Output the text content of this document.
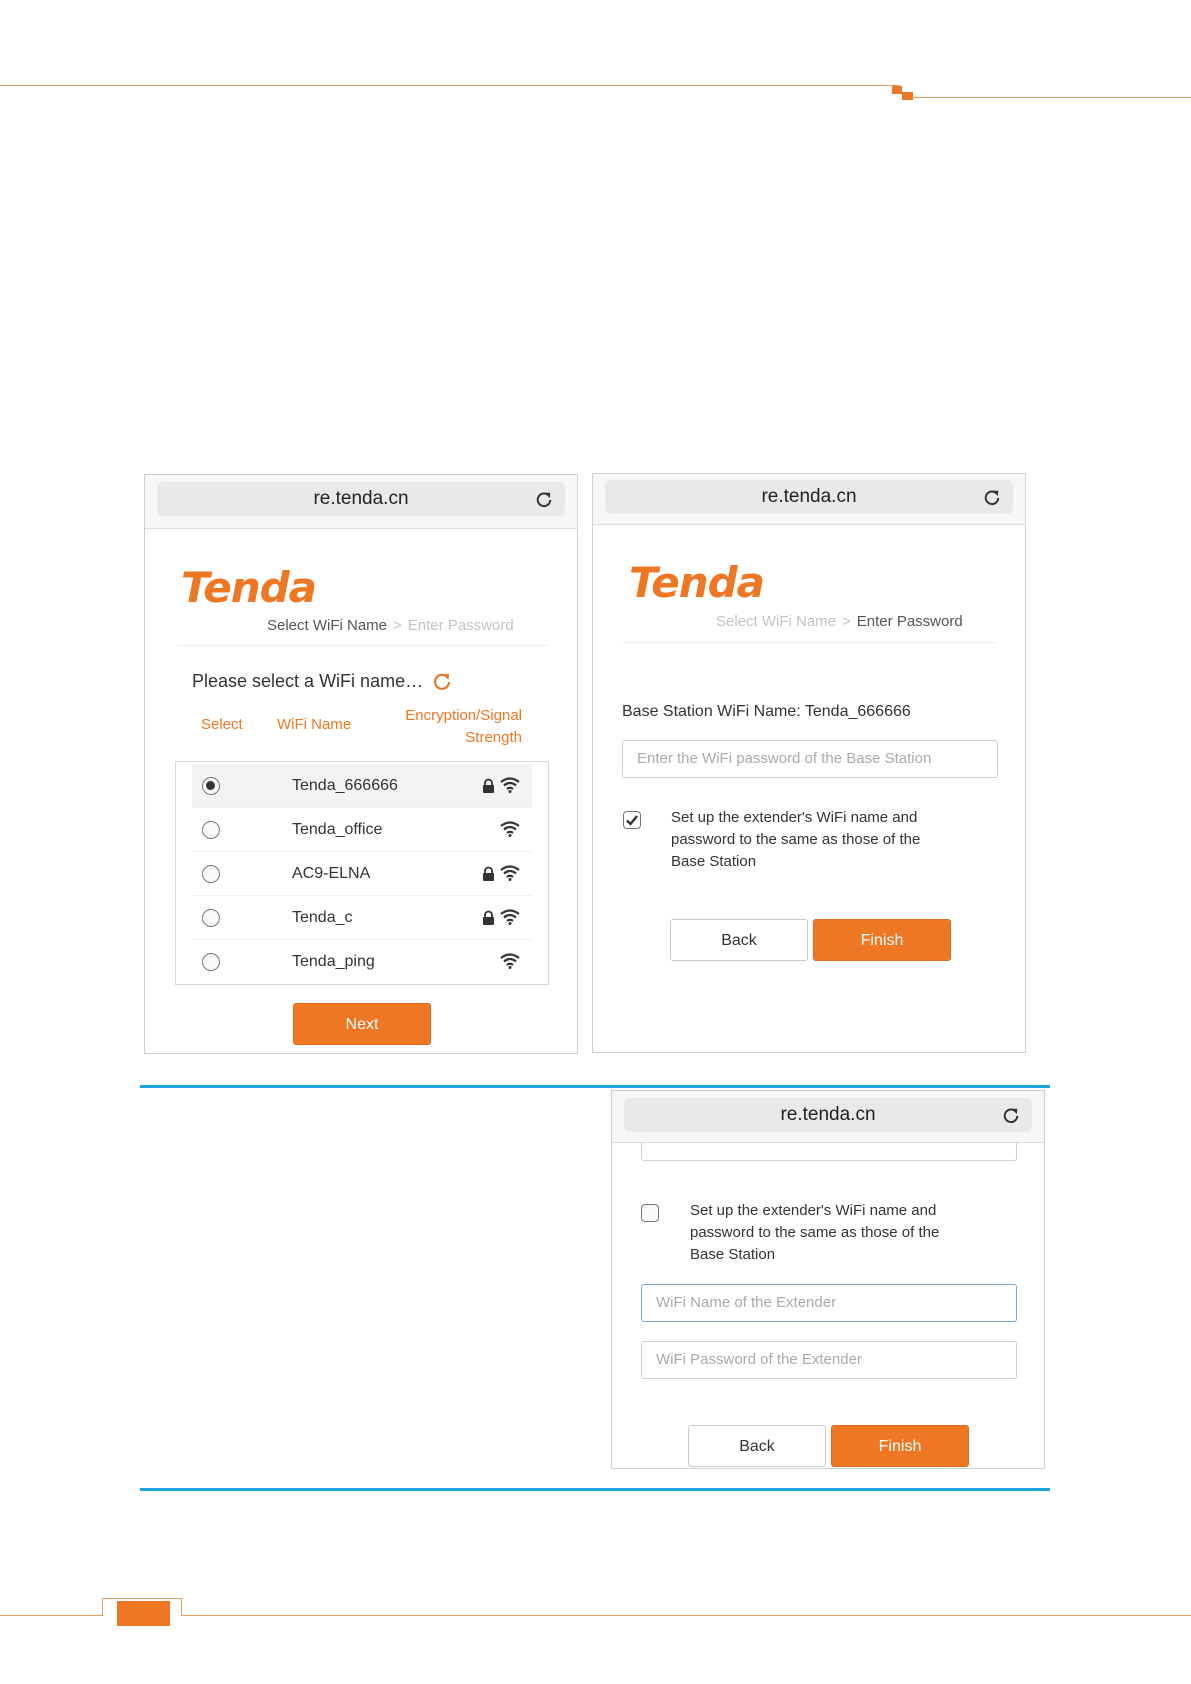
re.tenda.cn
Tenda
Select WiFi Name > Enter Password
Please select a WiFi name…
Select WiFi Name
Encryption/Signal
Strength
Tenda_666666
Tenda_office
AC9-ELNA
Tenda_c
Tenda_ping
Next
re.tenda.cn
Tenda
Select WiFi Name > Enter Password
Base Station WiFi Name: Tenda_666666
Enter the WiFi password of the Base Station
Set up the extender's WiFi name and
password to the same as those of the
Base Station
Back	Finish
re.tenda.cn
Set up the extender's WiFi name and
password to the same as those of the
Base Station
WiFi Name of the Extender
WiFi Password of the Extender
Back	Finish
